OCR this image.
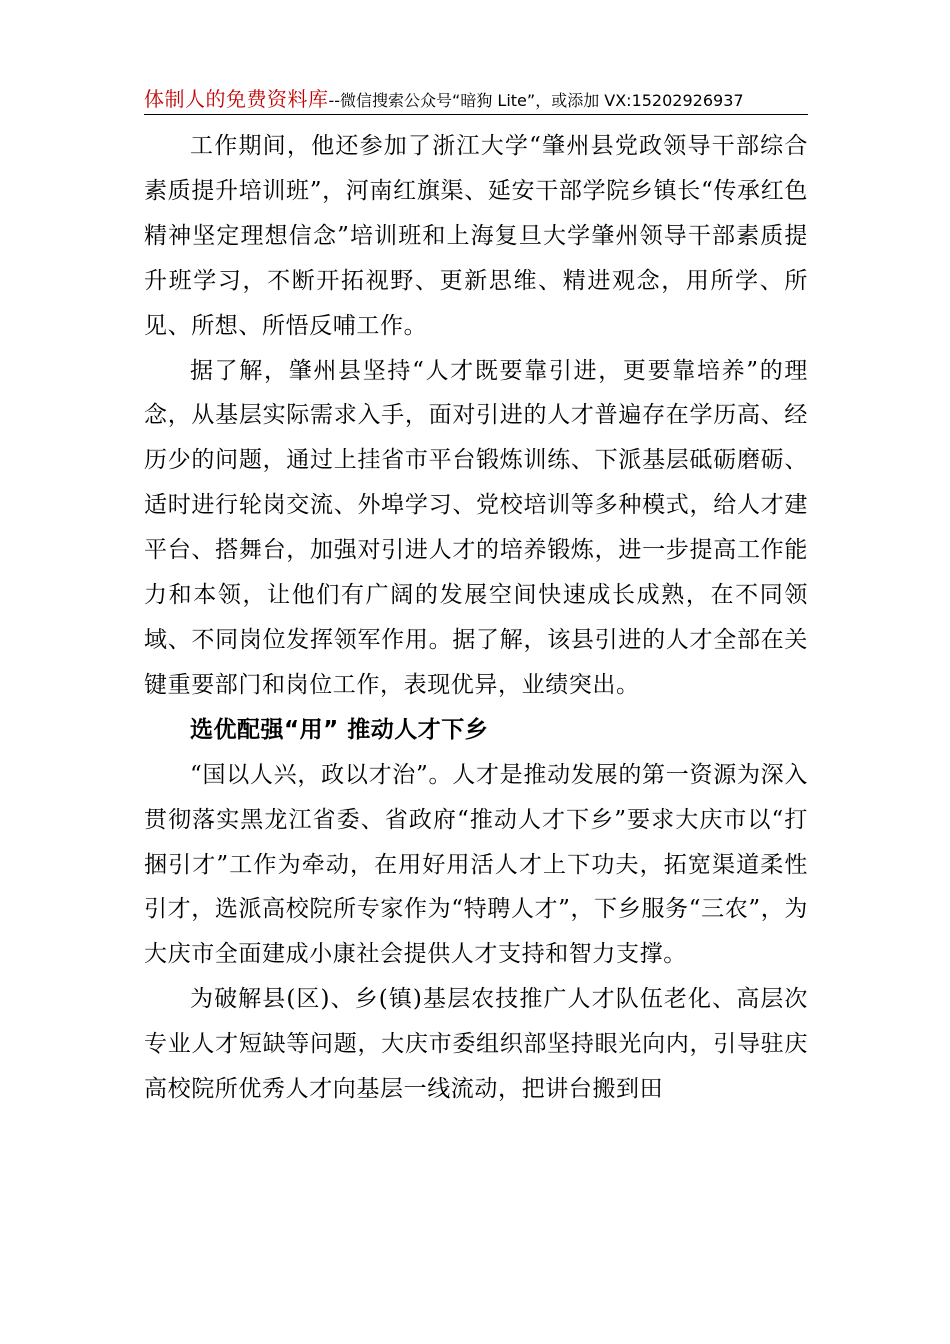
体制人的免费资料库--微信搜索公众号“暗狗 Lite”，或添加 VX:15202926937

工作期间，他还参加了浙江大学“肇州县党政领导干部综合素质提升培训班”，河南红旗渠、延安干部学院乡镇长“传承红色精神坚定理想信念”培训班和上海复旦大学肇州领导干部素质提升班学习，不断开拓视野、更新思维、精进观念，用所学、所见、所想、所悟反哺工作。

据了解，肇州县坚持“人才既要靠引进，更要靠培养”的理念，从基层实际需求入手，面对引进的人才普遍存在学历高、经历少的问题，通过上挂省市平台锻炼训练、下派基层砥砺磨砺、适时进行轮岗交流、外埠学习、党校培训等多种模式，给人才建平台、搭舞台，加强对引进人才的培养锻炼，进一步提高工作能力和本领，让他们有广阔的发展空间快速成长成熟，在不同领域、不同岗位发挥领军作用。据了解，该县引进的人才全部在关键重要部门和岗位工作，表现优异，业绩突出。

选优配强“用” 推动人才下乡

“国以人兴，政以才治”。人才是推动发展的第一资源为深入贯彻落实黑龙江省委、省政府“推动人才下乡”要求大庆市以“打捆引才”工作为牵动，在用好用活人才上下功夫，拓宽渠道柔性引才，选派高校院所专家作为“特聘人才”，下乡服务“三农”，为大庆市全面建成小康社会提供人才支持和智力支撑。

为破解县(区)、乡(镇)基层农技推广人才队伍老化、高层次专业人才短缺等问题，大庆市委组织部坚持眼光向内，引导驻庆高校院所优秀人才向基层一线流动，把讲台搬到田
